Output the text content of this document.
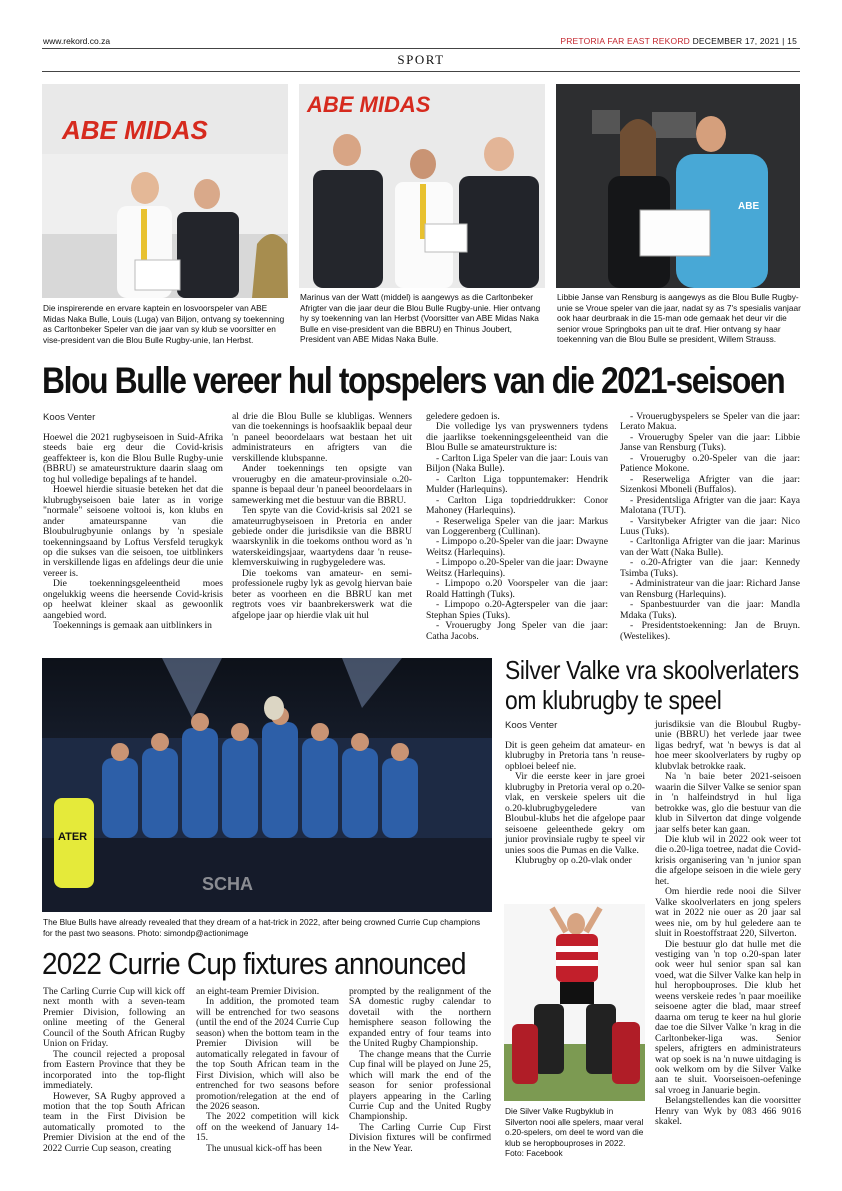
www.rekord.co.za	PRETORIA FAR EAST REKORD DECEMBER 17, 2021 | 15
SPORT
ABE MIDAS
ABE MIDAS
ABE
Die inspirerende en ervare kaptein en losvoorspeler van ABE Midas Naka Bulle, Louis (Luga) van Biljon, ontvang sy toekenning as Carltonbeker Speler van die jaar van sy klub se voorsitter en vise-president van die Blou Bulle Rugby-unie, Ian Herbst.
Marinus van der Watt (middel) is aangewys as die Carltonbeker Afrigter van die jaar deur die Blou Bulle Rugby-unie. Hier ontvang hy sy toekenning van Ian Herbst (Voorsitter van ABE Midas Naka Bulle en vise-president van die BBRU) en Thinus Joubert, President van ABE Midas Naka Bulle.
Libbie Janse van Rensburg is aangewys as die Blou Bulle Rugby-unie se Vroue speler van die jaar, nadat sy as 7's spesialis vanjaar ook haar deurbraak in die 15-man ode gemaak het deur vir die senior vroue Springboks pan uit te draf. Hier ontvang sy haar toekenning van die Blou Bulle se president, Willem Strauss.
Blou Bulle vereer hul topspelers van die 2021-seisoen
Koos Venter

Hoewel die 2021 rugbyseisoen in Suid-Afrika steeds baie erg deur die Covid-krisis geaffekteer is, kon die Blou Bulle Rugby-unie (BBRU) se amateurstrukture daarin slaag om tog hul volledige bepalings af te handel.

Hoewel hierdie situasie beteken het dat die klubrugbyseisoen baie later as in vorige "normale" seisoene voltooi is, kon klubs en ander amateurspanne van die Bloubulrugbyunie onlangs by 'n spesiale toekenningsaand by Loftus Versfeld terugkyk op die sukses van die seisoen, toe uitblinkers in verskillende ligas en afdelings deur die unie vereer is.

Die toekenningsgeleentheid moes ongelukkig weens die heersende Covid-krisis op heelwat kleiner skaal as gewoonlik aangebied word.

Toekennings is gemaak aan uitblinkers in

al drie die Blou Bulle se klubligas. Wenners van die toekennings is hoofsaaklik bepaal deur 'n paneel beoordelaars wat bestaan het uit administrateurs en afrigters van die verskillende klubspanne.

Ander toekennings ten opsigte van vrouerugby en die amateur-provinsiale o.20-spanne is bepaal deur 'n paneel beoordelaars in samewerking met die bestuur van die BBRU.

Ten spyte van die Covid-krisis sal 2021 se amateurrugbyseisoen in Pretoria en ander gebiede onder die jurisdiksie van die BBRU waarskynlik in die toekoms onthou word as 'n waterskeidingsjaar, waartydens daar 'n reuse-klemverskuiwing in rugbygeledere was.

Die toekoms van amateur- en semi-professionele rugby lyk as gevolg hiervan baie beter as voorheen en die BBRU kan met regtrots voes vir baanbrekerswerk wat die afgelope jaar op hierdie vlak uit hul

geledere gedoen is.

Die volledige lys van pryswenners tydens die jaarlikse toekenningsgeleentheid van die Blou Bulle se amateurstrukture is:

- Carlton Liga Speler van die jaar: Louis van Biljon (Naka Bulle).

- Carlton Liga toppuntemaker: Hendrik Mulder (Harlequins).

- Carlton Liga topdrieddrukker: Conor Mahoney (Harlequins).

- Reserweliga Speler van die jaar: Markus van Loggerenberg (Cullinan).

- Limpopo o.20-Speler van die jaar: Dwayne Weitsz (Harlequins).

- Limpopo o.20-Speler van die jaar: Dwayne Weitsz (Harlequins).

- Limpopo o.20 Voorspeler van die jaar: Roald Hattingh (Tuks).

- Limpopo o.20-Agterspeler van die jaar: Stephan Spies (Tuks).

- Vrouerugby Jong Speler van die jaar: Catha Jacobs.

- Vrouerugbyspelers se Speler van die jaar: Lerato Makua.

- Vrouerugby Speler van die jaar: Libbie Janse van Rensburg (Tuks).

- Vrouerugby o.20-Speler van die jaar: Patience Mokone.

- Reserweliga Afrigter van die jaar: Sizenkosi Mboneli (Buffalos).

- Presidentsliga Afrigter van die jaar: Kaya Malotana (TUT).

- Varsitybeker Afrigter van die jaar: Nico Luus (Tuks).

- Carltonliga Afrigter van die jaar: Marinus van der Watt (Naka Bulle).

- o.20-Afrigter van die jaar: Kennedy Tsimba (Tuks).

- Administrateur van die jaar: Richard Janse van Rensburg (Harlequins).

- Spanbestuurder van die jaar: Mandla Mdaka (Tuks).

- Presidentstoekenning: Jan de Bruyn. (Westelikes).

ATER
SCHA
The Blue Bulls have already revealed that they dream of a hat-trick in 2022, after being crowned Currie Cup champions for the past two seasons. Photo: simondp@actionimage
2022 Currie Cup fixtures announced

The Carling Currie Cup will kick off next month with a seven-team Premier Division, following an online meeting of the General Council of the South African Rugby Union on Friday.

The council rejected a proposal from Eastern Province that they be incorporated into the top-flight immediately.

However, SA Rugby approved a motion that the top South African team in the First Division be automatically promoted to the Premier Division at the end of the 2022 Currie Cup season, creating

an eight-team Premier Division.

In addition, the promoted team will be entrenched for two seasons (until the end of the 2024 Currie Cup season) when the bottom team in the Premier Division will be automatically relegated in favour of the top South African team in the First Division, which will also be entrenched for two seasons before promotion/relegation at the end of the 2026 season.

The 2022 competition will kick off on the weekend of January 14-15.

The unusual kick-off has been

prompted by the realignment of the SA domestic rugby calendar to dovetail with the northern hemisphere season following the expanded entry of four teams into the United Rugby Championship.

The change means that the Currie Cup final will be played on June 25, which will mark the end of the season for senior professional players appearing in the Carling Currie Cup and the United Rugby Championship.

The Carling Currie Cup First Division fixtures will be confirmed in the New Year.

Silver Valke vra skoolverlaters
om klubrugby te speel
Koos Venter

Dit is geen geheim dat amateur- en klubrugby in Pretoria tans 'n reuse-opbloei beleef nie.

Vir die eerste keer in jare groei klubrugby in Pretoria veral op o.20-vlak, en verskeie spelers uit die o.20-klubrugbygeledere van Bloubul-klubs het die afgelope paar seisoene geleenthede gekry om junior provinsiale rugby te speel vir unies soos die Pumas en die Valke.

Klubrugby op o.20-vlak onder

Die Silver Valke Rugbyklub in Silverton nooi alle spelers, maar veral o.20-spelers, om deel te word van die klub se heropbouproses in 2022. Foto: Facebook

jurisdiksie van die Bloubul Rugby-unie (BBRU) het verlede jaar twee ligas bedryf, wat 'n bewys is dat al hoe meer skoolverlaters by rugby op klubvlak betrokke raak.

Na 'n baie beter 2021-seisoen waarin die Silver Valke se senior span in 'n halfeindstryd in hul liga betrokke was, glo die bestuur van die klub in Silverton dat dinge volgende jaar selfs beter kan gaan.

Die klub wil in 2022 ook weer tot die o.20-liga toetree, nadat die Covid-krisis organisering van 'n junior span die afgelope seisoen in die wiele gery het.

Om hierdie rede nooi die Silver Valke skoolverlaters en jong spelers wat in 2022 nie ouer as 20 jaar sal wees nie, om by hul geledere aan te sluit in Roestoffstraat 220, Silverton.

Die bestuur glo dat hulle met die vestiging van 'n top o.20-span later ook weer hul senior span sal kan voed, wat die Silver Valke kan help in hul heropbouproses. Die klub het weens verskeie redes 'n paar moeilike seisoene agter die blad, maar streef daarna om terug te keer na hul glorie dae toe die Silver Valke 'n krag in die Carltonbeker-liga was. Senior spelers, afrigters en administrateurs wat op soek is na 'n nuwe uitdaging is ook welkom om by die Silver Valke aan te sluit. Voorseisoen-oefeninge sal vroeg in Januarie begin.

Belangstellendes kan die voorsitter Henry van Wyk by 083 466 9016 skakel.
